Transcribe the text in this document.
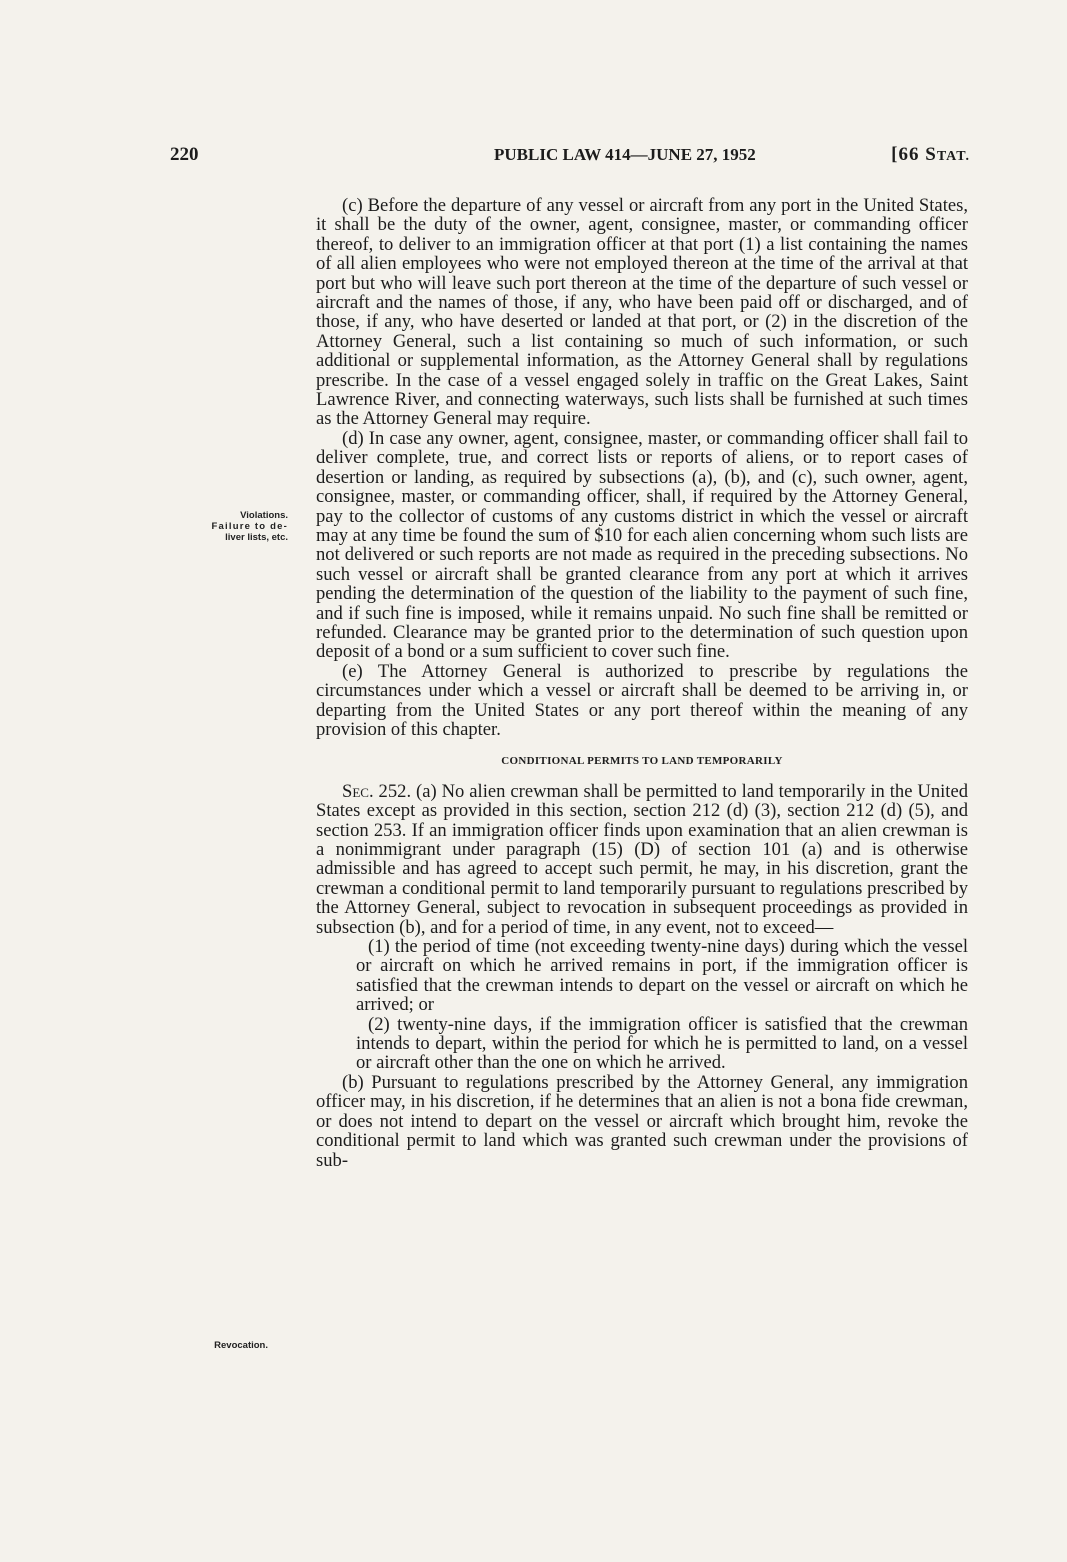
220	PUBLIC LAW 414—JUNE 27, 1952	[66 STAT.
Violations.
Failure to de-
liver lists, etc.
Revocation.

(c) Before the departure of any vessel or aircraft from any port in the United States, it shall be the duty of the owner, agent, consignee, master, or commanding officer thereof, to deliver to an immigration officer at that port (1) a list containing the names of all alien employees who were not employed thereon at the time of the arrival at that port but who will leave such port thereon at the time of the departure of such vessel or aircraft and the names of those, if any, who have been paid off or discharged, and of those, if any, who have deserted or landed at that port, or (2) in the discretion of the Attorney General, such a list containing so much of such information, or such additional or supplemental information, as the Attorney General shall by regulations prescribe. In the case of a vessel engaged solely in traffic on the Great Lakes, Saint Lawrence River, and connecting waterways, such lists shall be furnished at such times as the Attorney General may require.

(d) In case any owner, agent, consignee, master, or commanding officer shall fail to deliver complete, true, and correct lists or reports of aliens, or to report cases of desertion or landing, as required by subsections (a), (b), and (c), such owner, agent, consignee, master, or commanding officer, shall, if required by the Attorney General, pay to the collector of customs of any customs district in which the vessel or aircraft may at any time be found the sum of $10 for each alien concerning whom such lists are not delivered or such reports are not made as required in the preceding subsections. No such vessel or aircraft shall be granted clearance from any port at which it arrives pending the determination of the question of the liability to the payment of such fine, and if such fine is imposed, while it remains unpaid. No such fine shall be remitted or refunded. Clearance may be granted prior to the determination of such question upon deposit of a bond or a sum sufficient to cover such fine.

(e) The Attorney General is authorized to prescribe by regulations the circumstances under which a vessel or aircraft shall be deemed to be arriving in, or departing from the United States or any port thereof within the meaning of any provision of this chapter.

CONDITIONAL PERMITS TO LAND TEMPORARILY

Sec. 252. (a) No alien crewman shall be permitted to land temporarily in the United States except as provided in this section, section 212 (d) (3), section 212 (d) (5), and section 253. If an immigration officer finds upon examination that an alien crewman is a nonimmigrant under paragraph (15) (D) of section 101 (a) and is otherwise admissible and has agreed to accept such permit, he may, in his discretion, grant the crewman a conditional permit to land temporarily pursuant to regulations prescribed by the Attorney General, subject to revocation in subsequent proceedings as provided in subsection (b), and for a period of time, in any event, not to exceed—

(1) the period of time (not exceeding twenty-nine days) during which the vessel or aircraft on which he arrived remains in port, if the immigration officer is satisfied that the crewman intends to depart on the vessel or aircraft on which he arrived; or

(2) twenty-nine days, if the immigration officer is satisfied that the crewman intends to depart, within the period for which he is permitted to land, on a vessel or aircraft other than the one on which he arrived.

(b) Pursuant to regulations prescribed by the Attorney General, any immigration officer may, in his discretion, if he determines that an alien is not a bona fide crewman, or does not intend to depart on the vessel or aircraft which brought him, revoke the conditional permit to land which was granted such crewman under the provisions of sub-
